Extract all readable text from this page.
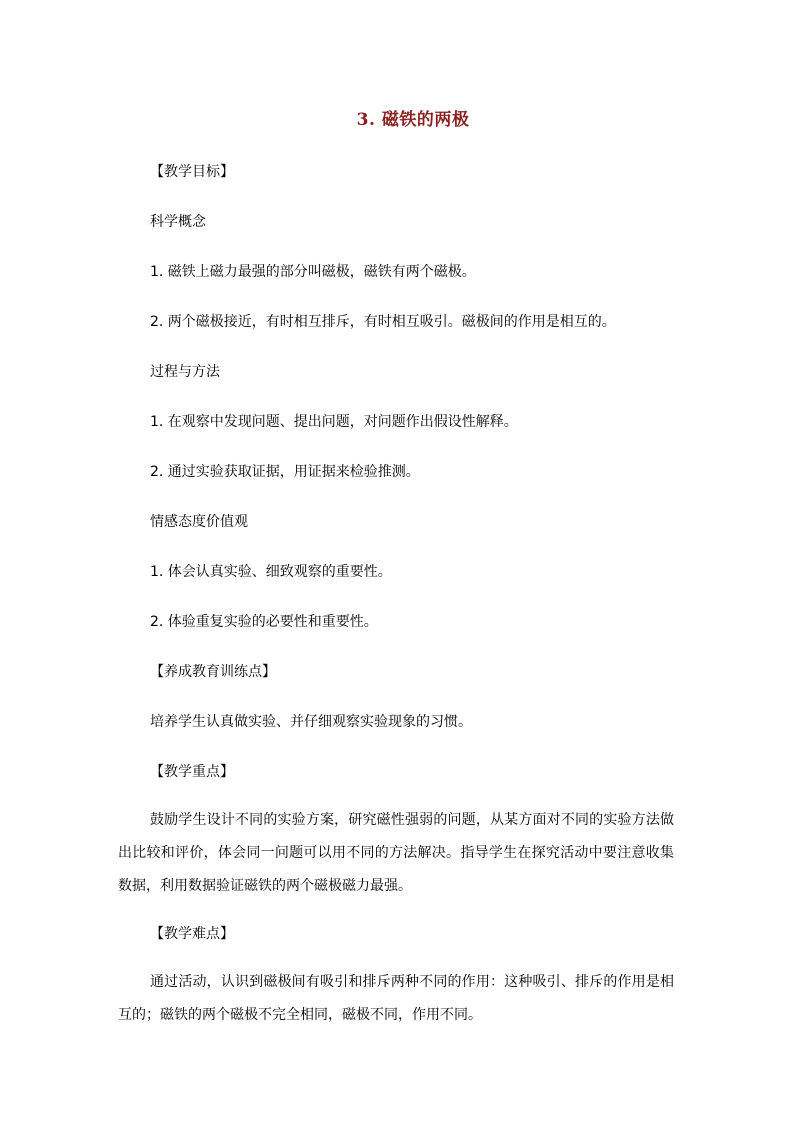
3. 磁铁的两极
【教学目标】
科学概念
1. 磁铁上磁力最强的部分叫磁极，磁铁有两个磁极。
2. 两个磁极接近，有时相互排斥，有时相互吸引。磁极间的作用是相互的。
过程与方法
1. 在观察中发现问题、提出问题，对问题作出假设性解释。
2. 通过实验获取证据，用证据来检验推测。
情感态度价值观
1. 体会认真实验、细致观察的重要性。
2. 体验重复实验的必要性和重要性。
【养成教育训练点】
培养学生认真做实验、并仔细观察实验现象的习惯。
【教学重点】
鼓励学生设计不同的实验方案，研究磁性强弱的问题，从某方面对不同的实验方法做出比较和评价，体会同一问题可以用不同的方法解决。指导学生在探究活动中要注意收集数据，利用数据验证磁铁的两个磁极磁力最强。
【教学难点】
通过活动，认识到磁极间有吸引和排斥两种不同的作用：这种吸引、排斥的作用是相互的；磁铁的两个磁极不完全相同，磁极不同，作用不同。
